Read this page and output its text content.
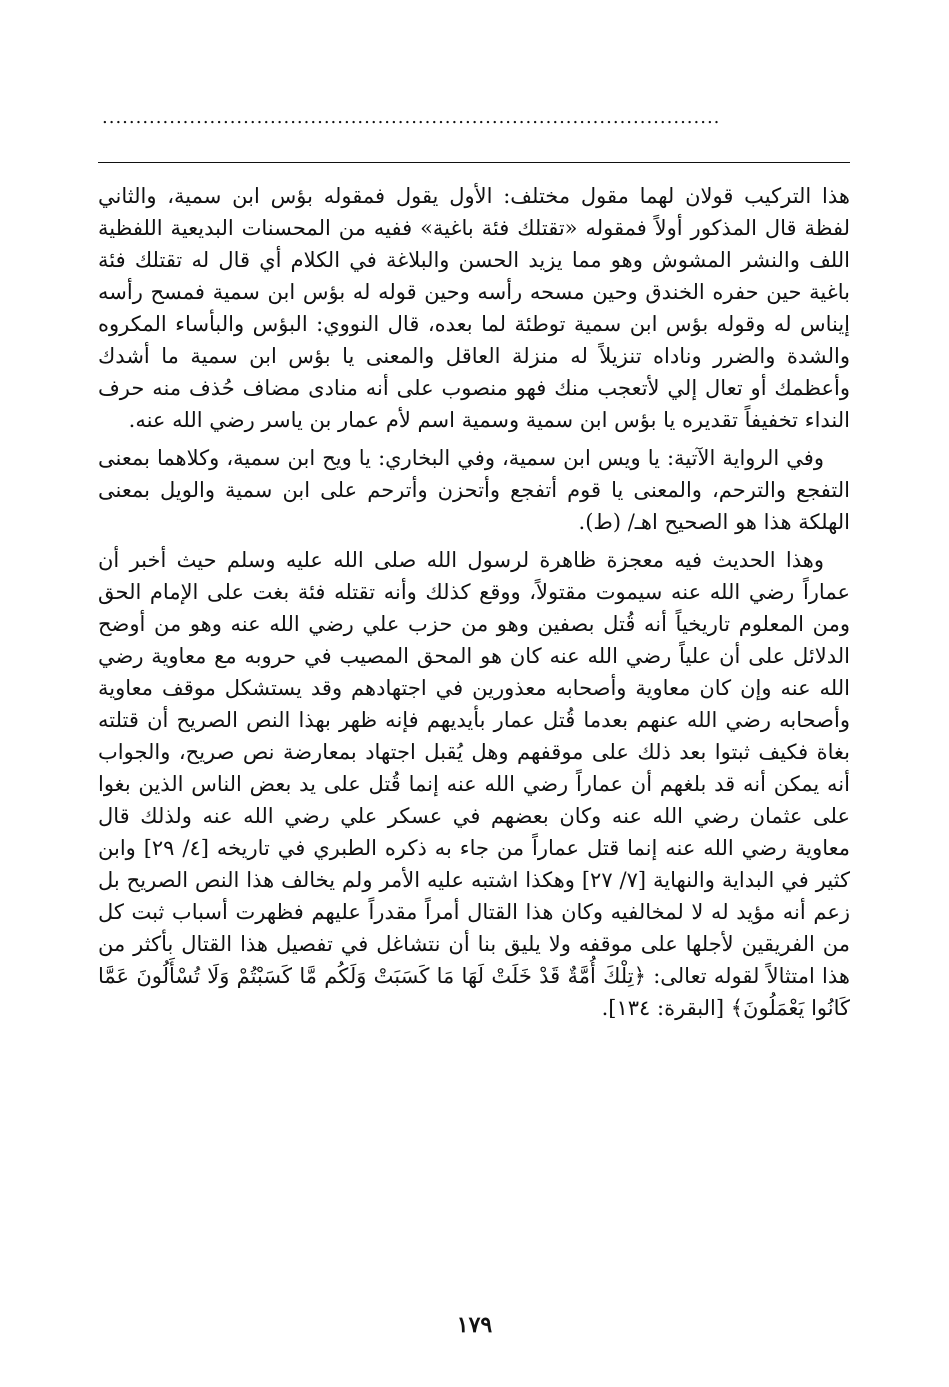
............................................................................................

هذا التركيب قولان لهما مقول مختلف: الأول يقول فمقوله بؤس ابن سمية، والثاني لفظة قال المذكور أولاً فمقوله «تقتلك فئة باغية» ففيه من المحسنات البديعية اللفظية اللف والنشر المشوش وهو مما يزيد الحسن والبلاغة في الكلام أي قال له تقتلك فئة باغية حين حفره الخندق وحين مسحه رأسه وحين قوله له بؤس ابن سمية فمسح رأسه إيناس له وقوله بؤس ابن سمية توطئة لما بعده، قال النووي: البؤس والبأساء المكروه والشدة والضرر وناداه تنزيلاً له منزلة العاقل والمعنى يا بؤس ابن سمية ما أشدك وأعظمك أو تعال إلي لأتعجب منك فهو منصوب على أنه منادى مضاف حُذف منه حرف النداء تخفيفاً تقديره يا بؤس ابن سمية وسمية اسم لأم عمار بن ياسر رضي الله عنه.

وفي الرواية الآتية: يا ويس ابن سمية، وفي البخاري: يا ويح ابن سمية، وكلاهما بمعنى التفجع والترحم، والمعنى يا قوم أتفجع وأتحزن وأترحم على ابن سمية والويل بمعنى الهلكة هذا هو الصحيح اهـ/ (ط).

وهذا الحديث فيه معجزة ظاهرة لرسول الله صلى الله عليه وسلم حيث أخبر أن عماراً رضي الله عنه سيموت مقتولاً، ووقع كذلك وأنه تقتله فئة بغت على الإمام الحق ومن المعلوم تاريخياً أنه قُتل بصفين وهو من حزب علي رضي الله عنه وهو من أوضح الدلائل على أن علياً رضي الله عنه كان هو المحق المصيب في حروبه مع معاوية رضي الله عنه وإن كان معاوية وأصحابه معذورين في اجتهادهم وقد يستشكل موقف معاوية وأصحابه رضي الله عنهم بعدما قُتل عمار بأيديهم فإنه ظهر بهذا النص الصريح أن قتلته بغاة فكيف ثبتوا بعد ذلك على موقفهم وهل يُقبل اجتهاد بمعارضة نص صريح، والجواب أنه يمكن أنه قد بلغهم أن عماراً رضي الله عنه إنما قُتل على يد بعض الناس الذين بغوا على عثمان رضي الله عنه وكان بعضهم في عسكر علي رضي الله عنه ولذلك قال معاوية رضي الله عنه إنما قتل عماراً من جاء به ذكره الطبري في تاريخه [٤/ ٢٩] وابن كثير في البداية والنهاية [٧/ ٢٧] وهكذا اشتبه عليه الأمر ولم يخالف هذا النص الصريح بل زعم أنه مؤيد له لا لمخالفيه وكان هذا القتال أمراً مقدراً عليهم فظهرت أسباب ثبت كل من الفريقين لأجلها على موقفه ولا يليق بنا أن نتشاغل في تفصيل هذا القتال بأكثر من هذا امتثالاً لقوله تعالى: ﴿تِلْكَ أُمَّةٌ قَدْ خَلَتْ لَهَا مَا كَسَبَتْ وَلَكُم مَّا كَسَبْتُمْ وَلَا تُسْأَلُونَ عَمَّا كَانُوا يَعْمَلُونَ﴾ [البقرة: ١٣٤].

١٧٩
